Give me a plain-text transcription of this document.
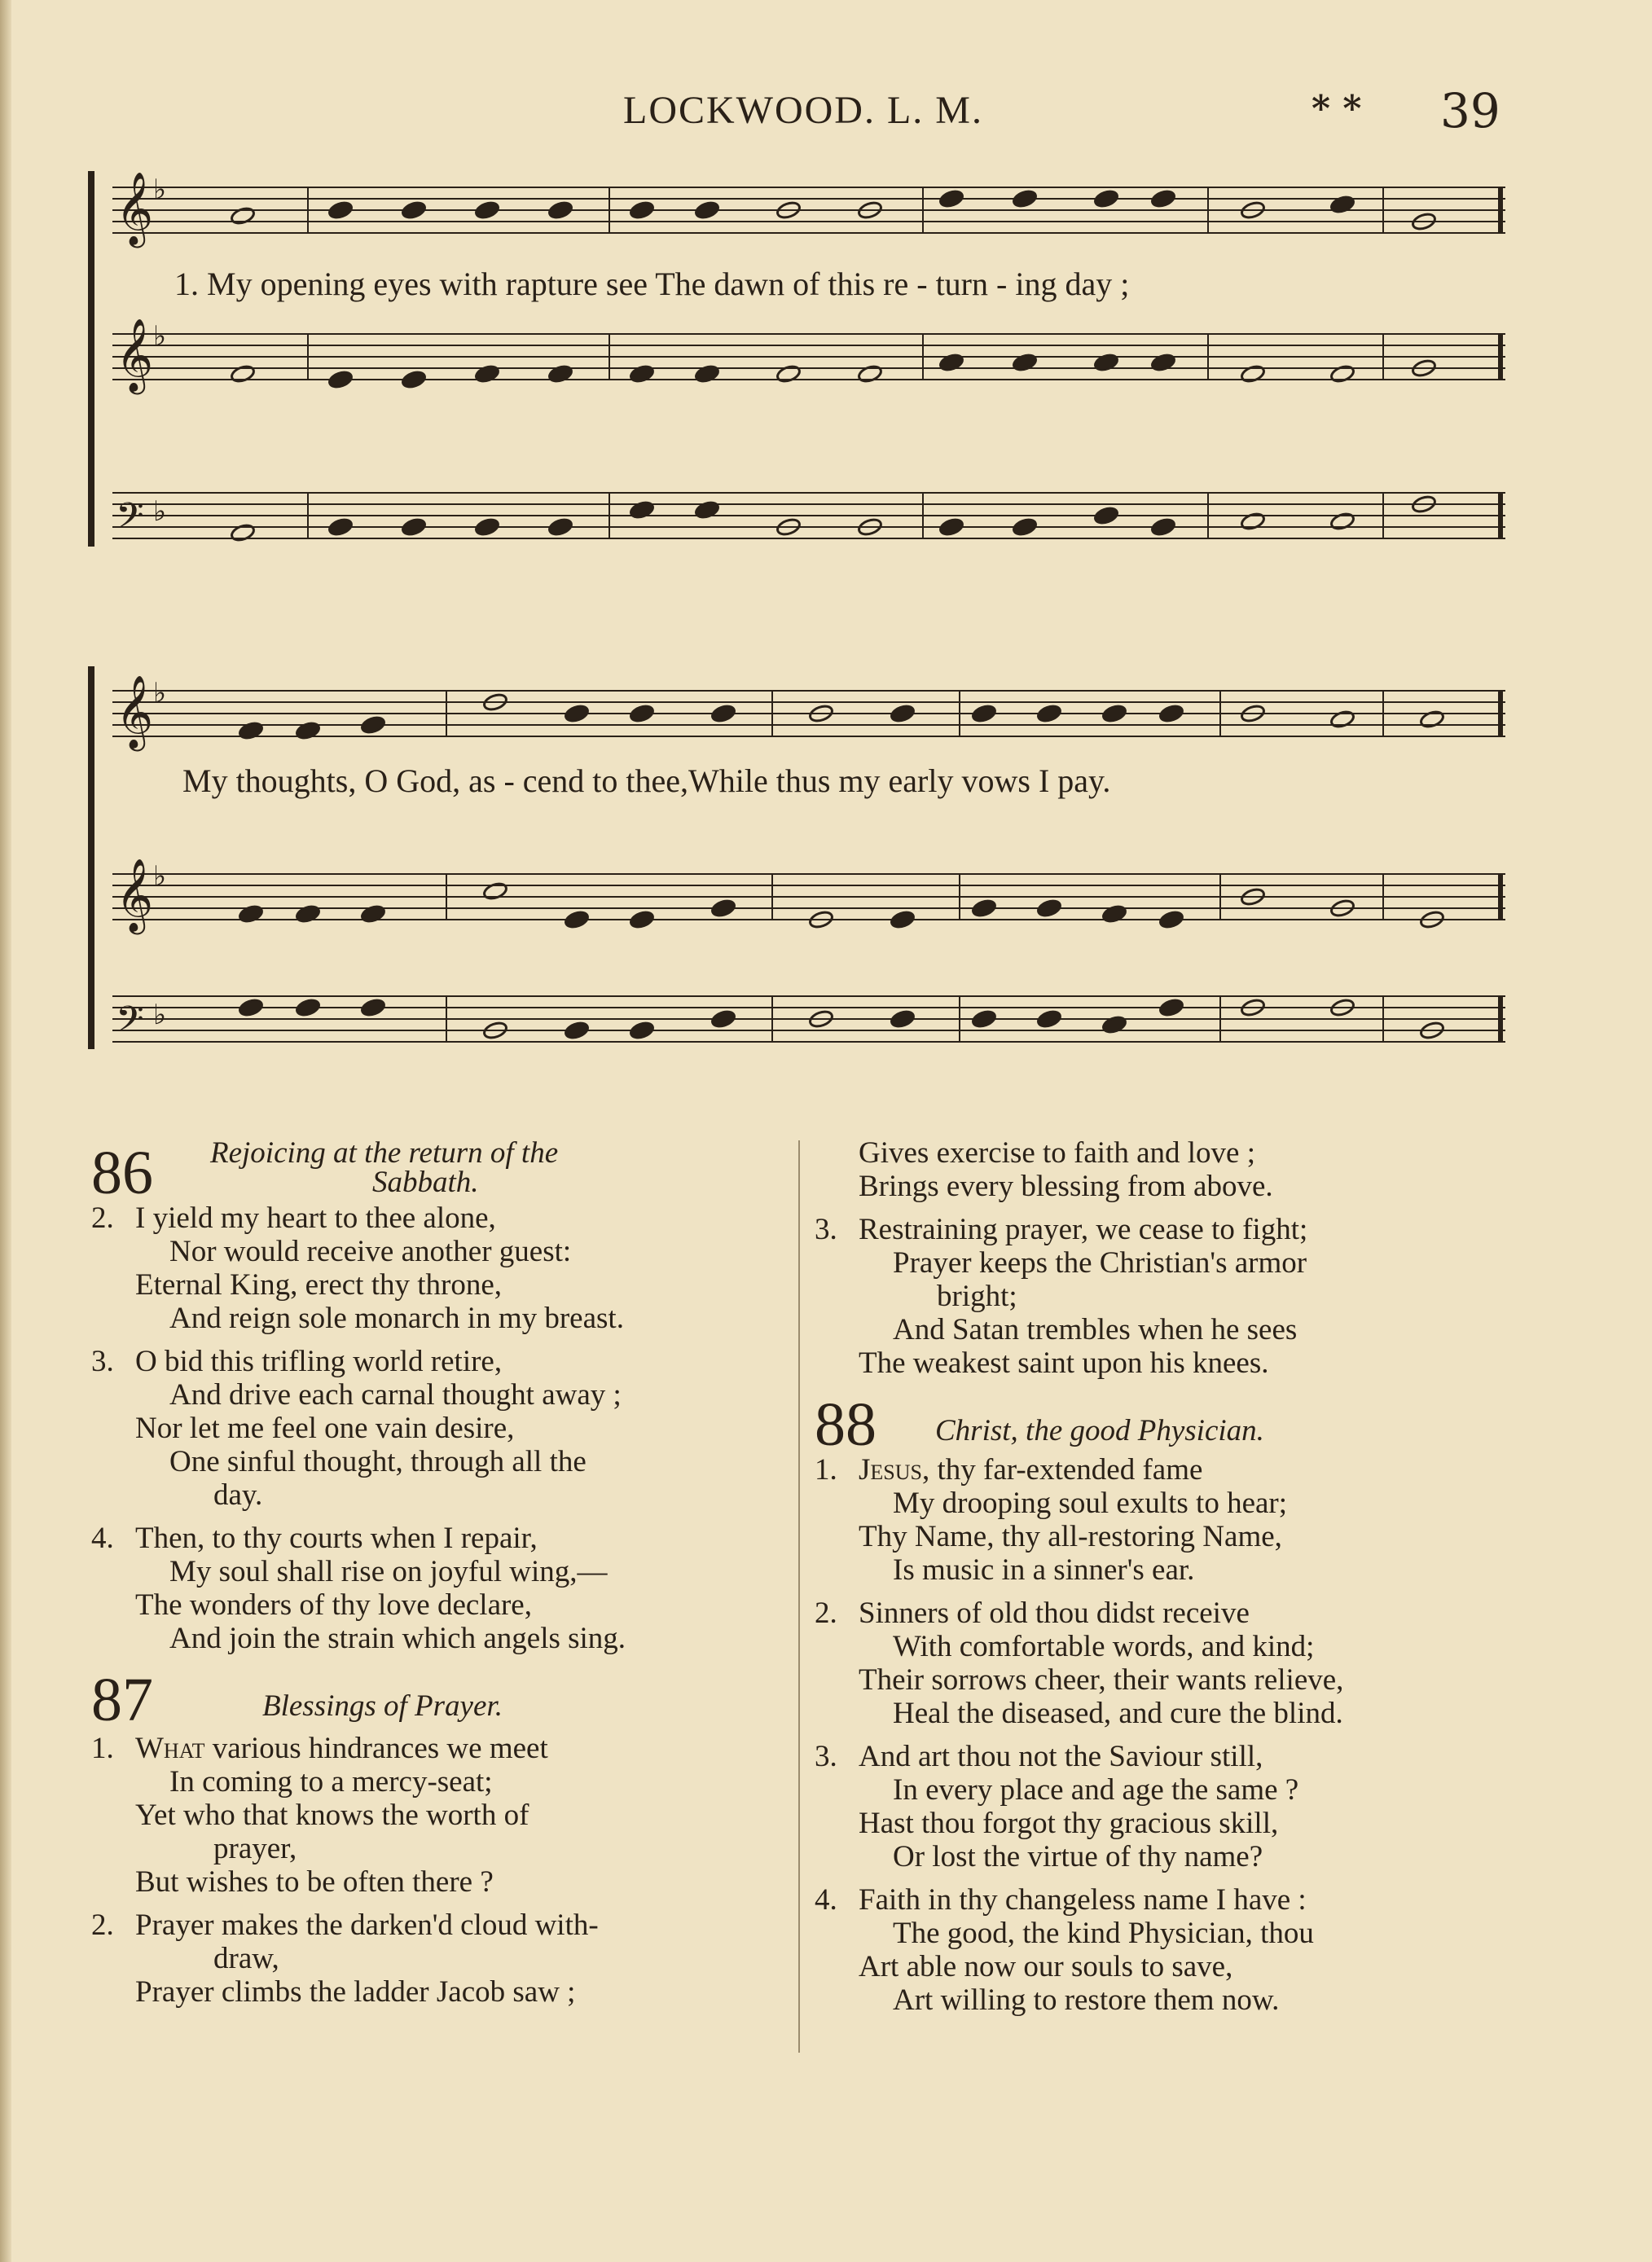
LOCKWOOD. L. M.	* * 39
𝄞 ♭
𝄞 ♭
𝄢 ♭
1. My opening eyes with rapture see The dawn of this re - turn - ing day ;
𝄞 ♭
𝄞 ♭
𝄢 ♭
My thoughts, O God, as - cend to thee,While thus my early vows I pay.
86 Rejoicing at the return of the
Sabbath.
2. I yield my heart to thee alone,
Nor would receive another guest:
Eternal King, erect thy throne,
And reign sole monarch in my breast.
3. O bid this trifling world retire,
And drive each carnal thought away ;
Nor let me feel one vain desire,
One sinful thought, through all the
day.
4. Then, to thy courts when I repair,
My soul shall rise on joyful wing,—
The wonders of thy love declare,
And join the strain which angels sing.
87	Blessings of Prayer.
1. What various hindrances we meet
In coming to a mercy-seat;
Yet who that knows the worth of
prayer,
But wishes to be often there ?
2. Prayer makes the darken'd cloud with-
draw,
Prayer climbs the ladder Jacob saw ;
Gives exercise to faith and love ;
Brings every blessing from above.
3. Restraining prayer, we cease to fight;
Prayer keeps the Christian's armor
bright;
And Satan trembles when he sees
The weakest saint upon his knees.
88 Christ, the good Physician.
1. Jesus, thy far-extended fame
My drooping soul exults to hear;
Thy Name, thy all-restoring Name,
Is music in a sinner's ear.
2. Sinners of old thou didst receive
With comfortable words, and kind;
Their sorrows cheer, their wants relieve,
Heal the diseased, and cure the blind.
3. And art thou not the Saviour still,
In every place and age the same ?
Hast thou forgot thy gracious skill,
Or lost the virtue of thy name?
4. Faith in thy changeless name I have :
The good, the kind Physician, thou
Art able now our souls to save,
Art willing to restore them now.
